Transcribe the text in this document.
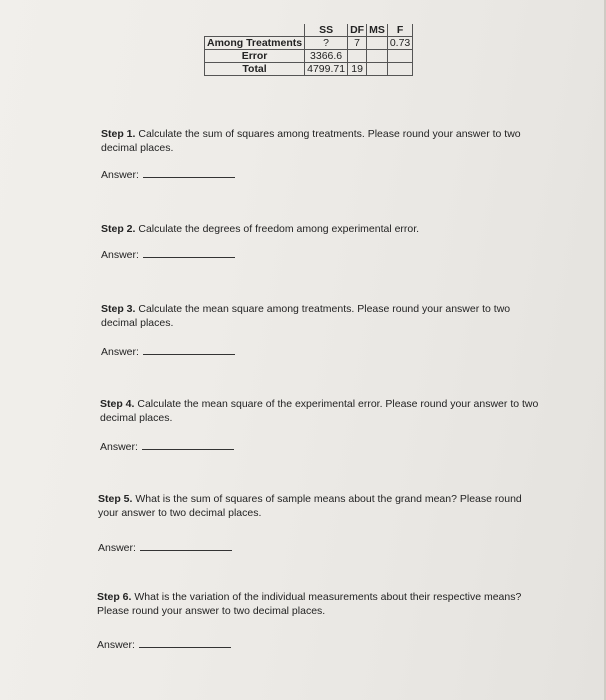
	SS	DF	MS	F
Among Treatments	?	7		0.73
Error	3366.6			
Total	4799.71	19		
Step 1. Calculate the sum of squares among treatments. Please round your answer to two decimal places.
Answer:
Step 2. Calculate the degrees of freedom among experimental error.
Answer:
Step 3. Calculate the mean square among treatments. Please round your answer to two decimal places.
Answer:
Step 4. Calculate the mean square of the experimental error. Please round your answer to two decimal places.
Answer:
Step 5. What is the sum of squares of sample means about the grand mean? Please round your answer to two decimal places.
Answer:
Step 6. What is the variation of the individual measurements about their respective means? Please round your answer to two decimal places.
Answer:
